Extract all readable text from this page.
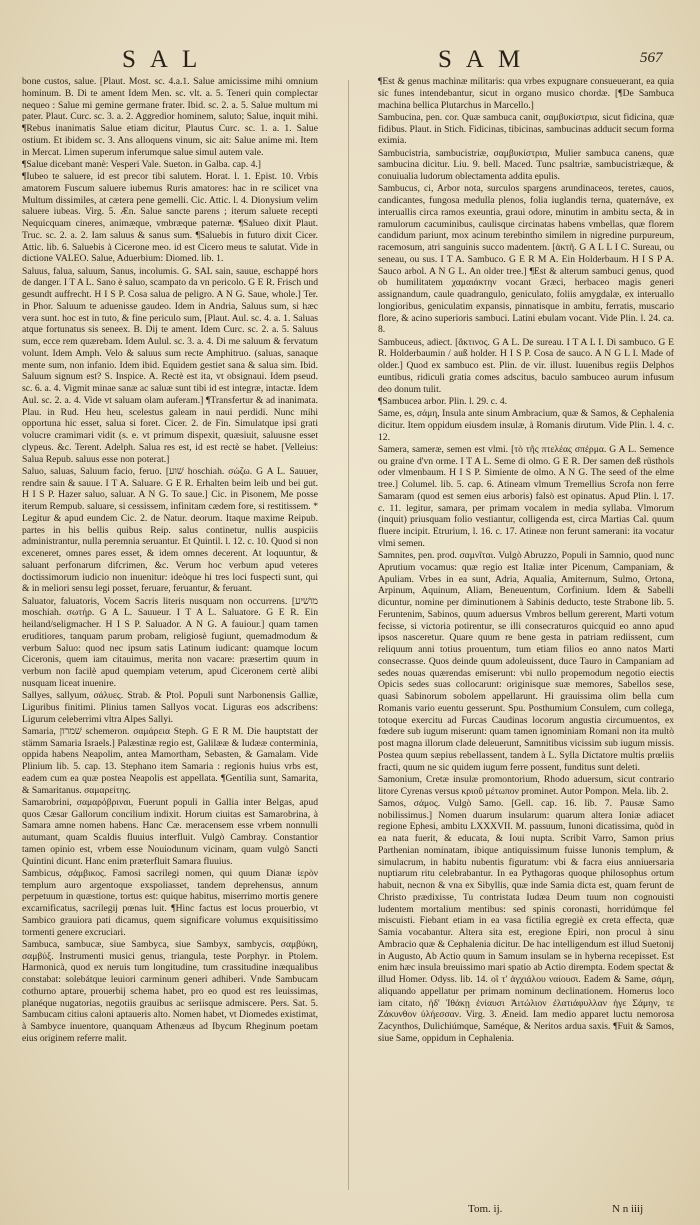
SAL	SAM	567

bone custos, salue. [Plaut. Most. sc. 4.a.1. Salue amicissime mihi omnium hominum. B. Di te ament Idem Men. sc. vlt. a. 5. Teneri quin complectar nequeo : Salue mi gemine germane frater. Ibid. sc. 2. a. 5. Salue multum mi pater. Plaut. Curc. sc. 3. a. 2. Aggredior hominem, saluto; Salue, inquit mihi. ¶Rebus inanimatis Salue etiam dicitur, Plautus Curc. sc. 1. a. 1. Salue ostium. Et ibidem sc. 3. Ans alloquens vinum, sic ait: Salue anime mi. Item in Mercat. Limen superum inferumque salue simul autem vale.

¶Salue dicebant manè: Vesperi Vale. Sueton. in Galba. cap. 4.]

¶Iubeo te saluere, id est precor tibi salutem. Horat. l. 1. Epist. 10. Vrbis amatorem Fuscum saluere iubemus Ruris amatores: hac in re scilicet vna Multum dissimiles, at cætera pene gemelli. Cic. Attic. l. 4. Dionysium velim saluere iubeas. Virg. 5. Æn. Salue sancte parens ; iterum saluete recepti Nequicquam cineres, animæque, vmbræque paternæ. ¶Salueo dixit Plaut. Truc. sc. 2. a. 2. Iam saluus & sanus sum. ¶Saluebis in futuro dixit Cicer. Attic. lib. 6. Saluebis à Cicerone meo. id est Cicero meus te salutat. Vide in dictione VALEO. Salue, Aduerbium: Diomed. lib. 1.

Saluus, falua, saluum, Sanus, incolumis. G. SAL sain, sauue, eschappé hors de danger. I T A L. Sano è saluo, scampato da vn pericolo. G E R. Frisch und gesundt auffrecht. H I S P. Cosa salua de peligro. A N G. Saue, whole.] Ter. in Phor. Saluum te aduenisse gaudeo. Idem in Andria, Saluus sum, si hæc vera sunt. hoc est in tuto, & fine periculo sum, [Plaut. Aul. sc. 4. a. 1. Saluas atque fortunatus sis seneex. B. Dij te ament. Idem Curc. sc. 2. a. 5. Saluus sum, ecce rem quærebam. Idem Aulul. sc. 3. a. 4. Di me saluum & fervatum volunt. Idem Amph. Velo & saluus sum recte Amphitruo. (saluas, sanaque mente sum, non infanio. Idem ibid. Equidem gestiet sana & salua sim. Ibid. Saluum signum est? S. Inspice. A. Rectè est ita, vt obsignaui. Idem pseud. sc. 6. a. 4. Vigmit minae sanæ ac saluæ sunt tibi id est integræ, intactæ. Idem Aul. sc. 2. a. 4. Vide vt saluam olam auferam.] ¶Transfertur & ad inanimata. Plau. in Rud. Heu heu, scelestus galeam in naui perdidi. Nunc mihi opportuna hic esset, salua si foret. Cicer. 2. de Fin. Simulatque ipsi grati volucre cramimari vidit (s. e. vt primum dispexit, quæsiuit, saluusne esset clypeus. &c. Terent. Adelph. Salua res est, id est rectè se habet. [Velleius: Salua Repub. saluus esse non poterat.]

Saluo, saluas, Saluum facio, feruo. [שׁוע hoschiah. σώζω. G A L. Sauuer, rendre sain & sauue. I T A. Saluare. G E R. Erhalten beim leib und bei gut. H I S P. Hazer saluo, saluar. A N G. To saue.] Cic. in Pisonem, Me posse iterum Rempub. saluare, si cessissem, infinitam cædem fore, si restitissem. * Legitur & apud eundem Cic. 2. de Natur. deorum. Itaque maxime Reipub. partes in his bellis quibus Reip. salus continetur, nullis auspiciis administrantur, nulla peremnia seruantur. Et Quintil. l. 12. c. 10. Quod si non exceneret, omnes pares esset, & idem omnes decerent. At loquuntur, & saluant perfonarum difcrimen, &c. Verum hoc verbum apud veteres doctissimorum iudicio non inuenitur: ideòque hi tres loci fuspecti sunt, qui & in meliori sensu legi posset, feruare, feruantur, & feruant.

Saluator, faluatoris, Vocem Sacris literis nusquam non occurrens. [מושׁיע moschiah. σωτήρ. G A L. Sauueur. I T A L. Saluatore. G E R. Ein heiland/seligmacher. H I S P. Saluador. A N G. A fauiour.] quam tamen eruditiores, tanquam parum probam, religiosè fugiunt, quemadmodum & verbum Saluo: quod nec ipsum satis Latinum iudicant: quamque locum Ciceronis, quem iam citauimus, merita non vacare: præsertim quum in verbum non facilè apud quempiam veterum, apud Ciceronem certè alibi nusquam liceat inuenire.

Sallyes, sallyum, σάλυες. Strab. & Ptol. Populi sunt Narbonensis Galliæ, Liguribus finitimi. Plinius tamen Sallyos vocat. Liguras eos adscribens: Ligurum celeberrimi vltra Alpes Sallyi.

Samaria, שׁמרון schemeron. σαμάρεια Steph. G E R M. Die hauptstatt der stämm Samaria Israels.] Palæstinæ regio est, Galilææ & Iudææ conterminia, oppida habens Neapolim, antea Mamortham, Sebasten, & Gamalam. Vide Plinium lib. 5. cap. 13. Stephano item Samaria : regionis huius vrbs est, eadem cum ea quæ postea Neapolis est appellata. ¶Gentilia sunt, Samarita, & Samaritanus. σαμαρείτης.

Samarobrini, σαμαρόβριναι, Fuerunt populi in Gallia inter Belgas, apud quos Cæsar Gallorum concilium indixit. Horum ciuitas est Samarobrina, à Samara amne nomen habens. Hanc Cæ. meracensem esse vrbem nonnulli autumant, quam Scaldis fluuius interfluit. Vulgò Cambray. Constantior tamen opinio est, vrbem esse Nouiodunum vicinam, quam vulgò Sancti Quintini dicunt. Hanc enim præterfluit Samara fluuius.

Sambicus, σάμβικος. Famosi sacrilegi nomen, qui quum Dianæ ἱερὸν templum auro argentoque exspoliasset, tandem deprehensus, annum perpetuum in quæstione, tortus est: quique habitus, miserrimo mortis genere excarnificatus, sacrilegij pœnas luit. ¶Hinc factus est locus prouerbio, vt Sambico grauiora pati dicamus, quem significare volumus exquisitissimo tormenti genere excruciari.

Sambuca, sambucæ, siue Sambyca, siue Sambyx, sambycis, σαμβύκη, σαμβύξ. Instrumenti musici genus, triangula, teste Porphyr. in Ptolem. Harmonicà, quod ex neruis tum longitudine, tum crassitudine inæqualibus constabat: solebátque leuiori carminum generi adhiberi. Vnde Sambucam cothurno aptare, prouerbij schema habet, pro eo quod est res leuissimas, planéque nugatorias, negotiis grauibus ac seriisque admiscere. Pers. Sat. 5. Sambucam citius caloni aptaueris alto. Nomen habet, vt Diomedes existimat, à Sambyce inuentore, quanquam Athenæus ad Ibycum Rheginum poetam eius originem referre malit.

¶Est & genus machinæ militaris: qua vrbes expugnare consueuerant, ea quia sic funes intendebantur, sicut in organo musico chordæ. [¶De Sambuca machina bellica Plutarchus in Marcello.]

Sambucina, pen. cor. Quæ sambuca canit, σαμβυκίστρια, sicut fidicina, quæ fidibus. Plaut. in Stich. Fidicinas, tibicinas, sambucinas adducit secum forma eximia.

Sambucistria, sambucistriæ, σαμβυκίστρια, Mulier sambuca canens, quæ sambucina dicitur. Liu. 9. bell. Maced. Tunc psaltriæ, sambucistriæque, & conuiualia ludorum oblectamenta addita epulis.

Sambucus, ci, Arbor nota, surculos spargens arundinaceos, teretes, cauos, candicantes, fungosa medulla plenos, folia iuglandis terna, quaternáve, ex interuallis circa ramos exeuntia, graui odore, minutim in ambitu secta, & in ramulorum cacuminibus, caulisque circinatas habens vmbellas, quæ florem candidum pariunt, mox acinum terebintho similem in nigredine purpureum, racemosum, atri sanguinis succo madentem. [ἀκτῆ. G A L L I C. Sureau, ou seneau, ou sus. I T A. Sambuco. G E R M A. Ein Holderbaum. H I S P A. Sauco arbol. A N G L. An older tree.] ¶Est & alterum sambuci genus, quod ob humilitatem χαμαιάκτην vocant Græci, herbaceo magis generi assignandum, caule quadrangulo, geniculato, foliis amygdalæ, ex interuallo longioribus, geniculatim expansis, pinnatisque in ambitu, ferratis, muscario flore, & acino superioris sambuci. Latini ebulam vocant. Vide Plin. l. 24. ca. 8.

Sambuceus, adiect. [ἄκτινος. G A L. De sureau. I T A L I. Di sambuco. G E R. Holderbaumin / auß holder. H I S P. Cosa de sauco. A N G L I. Made of older.] Quod ex sambuco est. Plin. de vir. illust. Iuuenibus regiis Delphos euntibus, ridiculi gratia comes adscitus, baculo sambuceo aurum infusum deo donum tulit.

¶Sambuceа arbor. Plin. l. 29. c. 4.

Same, es, σάμη, Insula ante sinum Ambracium, quæ & Samos, & Cephalenia dicitur. Item oppidum eiusdem insulæ, à Romanis dirutum. Vide Plin. l. 4. c. 12.

Samera, sameræ, semen est vlmi. [τὸ τῆς πτελέας σπέρμα. G A L. Semence ou graine d'vn orme. I T A L. Seme di olmo. G E R. Der samen deß rüsthols oder vlmenbaum. H I S P. Simiente de olmo. A N G. The seed of the elme tree.] Columel. lib. 5. cap. 6. Atineam vlmum Tremellius Scrofa non ferre Samaram (quod est semen eius arboris) falsò est opinatus. Apud Plin. l. 17. c. 11. legitur, samara, per primam vocalem in media syllaba. Vlmorum (inquit) priusquam folio vestiantur, colligenda est, circa Martias Cal. quum fluere incipit. Etrurium, l. 16. c. 17. Atineæ non ferunt samerani: ita vocatur vlmi semen.

Samnites, pen. prod. σαμνῖται. Vulgò Abruzzo, Populi in Samnio, quod nunc Aprutium vocamus: quæ regio est Italiæ inter Picenum, Campaniam, & Apuliam. Vrbes in ea sunt, Adria, Aqualia, Amiternum, Sulmo, Ortona, Arpinum, Aquinum, Aliam, Beneuentum, Corfinium. Idem & Sabelli dicuntur, nomine per diminutionem à Sabinis deducto, teste Strabone lib. 5. Feruntenim, Sabinos, quum aduersus Vmbros bellum gererent, Marti votum fecisse, si victoria potirentur, se illi consecraturos quicquid eo anno apud ipsos nasceretur. Quare quum re bene gesta in patriam rediissent, cum reliquum anni totius prouentum, tum etiam filios eo anno natos Marti consecrasse. Quos deinde quum adoleuissent, duce Tauro in Campaniam ad sedes nouas quærendas emiserunt: vbi nullo propemodum negotio eiectis Opicis sedes suas collocarunt: originisque suæ memores, Sabellos sese, quasi Sabinorum sobolem appellarunt. Hi grauissima olim bella cum Romanis vario euentu gesserunt. Spu. Posthumium Consulem, cum collega, totoque exercitu ad Furcas Caudinas locorum angustia circumuentos, ex fœdere sub iugum miserunt: quam tamen ignominiam Romani non ita multò post magna illorum clade deleuerunt, Samnitibus vicissim sub iugum missis. Postea quum sæpius rebellassent, tandem à L. Sylla Dictatore multis prœliis fracti, quum ne sic quidem iugum ferre possent, funditus sunt deleti.

Samonium, Cretæ insulæ promontorium, Rhodo aduersum, sicut contrario litore Cyrenas versus κριοῦ μέτωπον prominet. Autor Pompon. Mela. lib. 2.

Samos, σάμος. Vulgò Samo. [Gell. cap. 16. lib. 7. Pausæ Samo nobilissimus.] Nomen duarum insularum: quarum altera Ioniæ adiacet regione Ephesi, ambitu LXXXVII. M. passuum, Iunoni dicatissima, quòd in ea nata fuerit, & educata, & Ioui nupta. Scribit Varro, Samon prius Parthenian nominatam, ibique antiquissimum fuisse Iunonis templum, & simulacrum, in habitu nubentis figuratum: vbi & facra eius anniuersaria nuptiarum ritu celebrabantur. In ea Pythagoras quoque philosophus ortum habuit, necnon & vna ex Sibyllis, quæ inde Samia dicta est, quam ferunt de Christo prædixisse, Tu contristata Iudæa Deum tuum non cognouisti ludentem mortalium mentibus: sed spinis coronasti, horridúmque fel miscuisti. Fiebant etiam in ea vasa fictilia egregiè ex creta effecta, quæ Samia vocabantur. Altera sita est, eregione Epiri, non procul à sinu Ambracio quæ & Cephalenia dicitur. De hac intelligendum est illud Suetonij in Augusto, Ab Actio quum in Samum insulam se in hybernа recepisset. Est enim hæc insula breuissimo mari spatio ab Actio diremptа. Eodem spectat & illud Homer. Odyss. lib. 14. οἳ τ' ἀγχιάλου ναίουσι. Eadem & Same, σάμη, aliquando appellatur per primam nominum declinationem. Homerus loco iam citato, ἠδ' Ἰθάκῃ ἐνίαυσι Ἀιτώλιον ἐλατιάφυλλαν ἠγε Σάμην, τε Ζάκυνθον ὑλήεσσαν. Virg. 3. Æneid. Iam medio apparet luctu nemorosa Zacynthos, Dulichiúmque, Saméque, & Neritos ardua saxis. ¶Fuit & Samos, siue Same, oppidum in Cephalenia.

Tom. ij.	N n iiij
